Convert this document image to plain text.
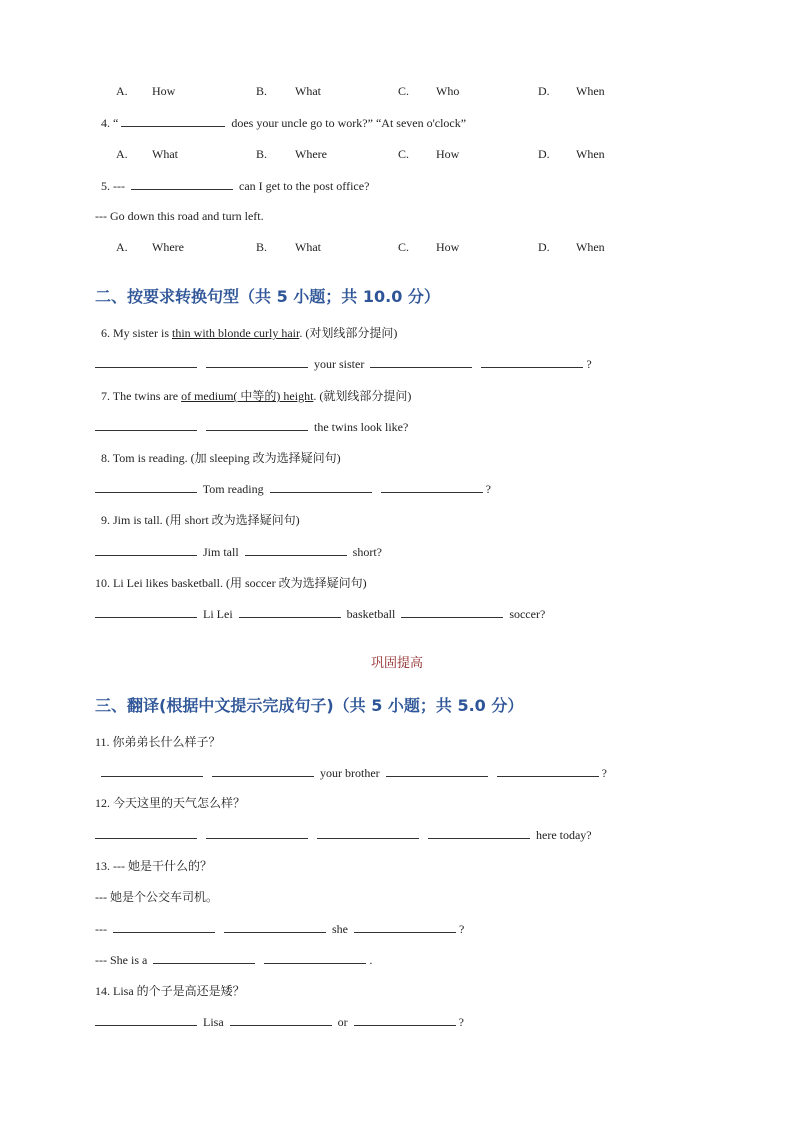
A. How	B. What	C. Who	D. When
4. “	does your uncle go to work?” “At seven o'clock”
A. What	B. Where	C. How	D. When
5. ---	can I get to the post office?
--- Go down this road and turn left.
A. Where	B. What	C. How	D. When
二、按要求转换句型（共 5 小题；共 10.0 分）
6. My sister is thin with blonde curly hair. (对划线部分提问)
your sister	?
7. The twins are of medium( 中等的) height. (就划线部分提问)
the twins look like?
8. Tom is reading. (加 sleeping 改为选择疑问句)
Tom reading	?
9. Jim is tall. (用 short 改为选择疑问句)
Jim tall	short?
10. Li Lei likes basketball. (用 soccer 改为选择疑问句)
Li Lei	basketball	soccer?
巩固提高
三、翻译(根据中文提示完成句子)（共 5 小题；共 5.0 分）
11. 你弟弟长什么样子？
your brother	?
12. 今天这里的天气怎么样？
here today?
13. --- 她是干什么的？
--- 她是个公交车司机。
---	she	?
--- She is a	.
14. Lisa 的个子是高还是矮？
Lisa	or	?
